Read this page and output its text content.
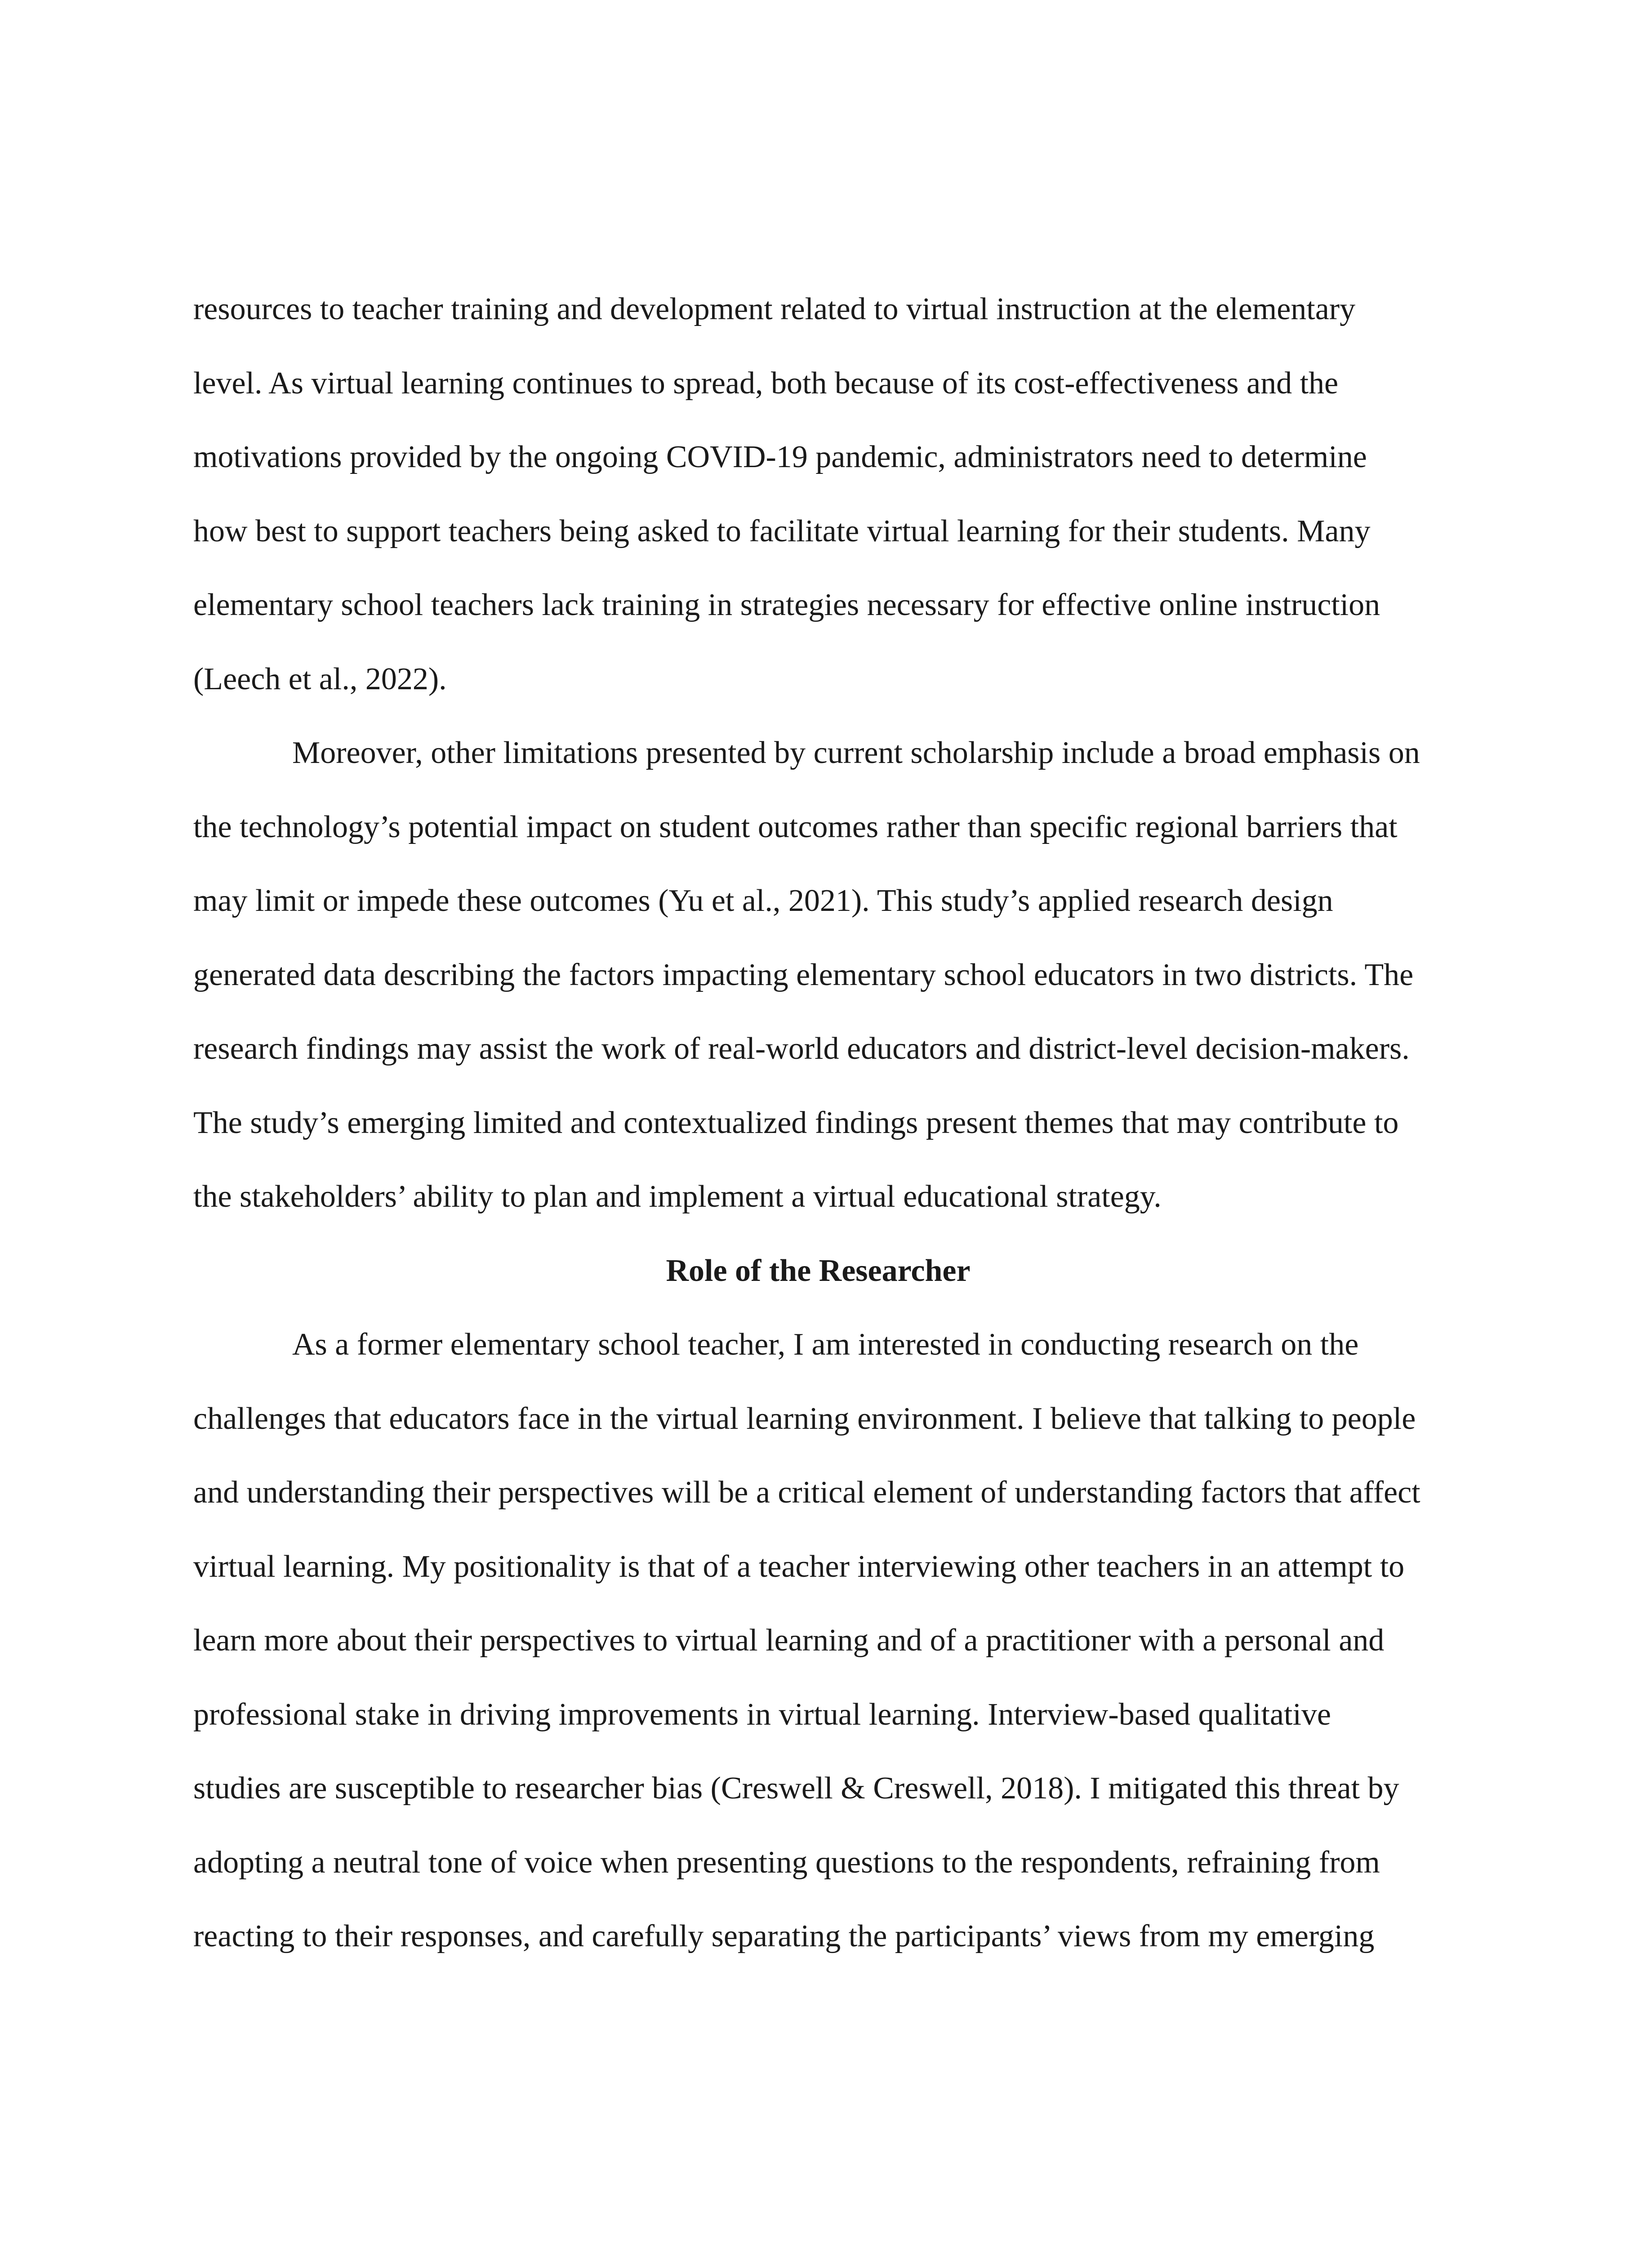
resources to teacher training and development related to virtual instruction at the elementary

level. As virtual learning continues to spread, both because of its cost-effectiveness and the

motivations provided by the ongoing COVID-19 pandemic, administrators need to determine

how best to support teachers being asked to facilitate virtual learning for their students. Many

elementary school teachers lack training in strategies necessary for effective online instruction

(Leech et al., 2022).

Moreover, other limitations presented by current scholarship include a broad emphasis on

the technology’s potential impact on student outcomes rather than specific regional barriers that

may limit or impede these outcomes (Yu et al., 2021). This study’s applied research design

generated data describing the factors impacting elementary school educators in two districts. The

research findings may assist the work of real-world educators and district-level decision-makers.

The study’s emerging limited and contextualized findings present themes that may contribute to

the stakeholders’ ability to plan and implement a virtual educational strategy.

Role of the Researcher

As a former elementary school teacher, I am interested in conducting research on the

challenges that educators face in the virtual learning environment. I believe that talking to people

and understanding their perspectives will be a critical element of understanding factors that affect

virtual learning. My positionality is that of a teacher interviewing other teachers in an attempt to

learn more about their perspectives to virtual learning and of a practitioner with a personal and

professional stake in driving improvements in virtual learning. Interview-based qualitative

studies are susceptible to researcher bias (Creswell & Creswell, 2018). I mitigated this threat by

adopting a neutral tone of voice when presenting questions to the respondents, refraining from

reacting to their responses, and carefully separating the participants’ views from my emerging
